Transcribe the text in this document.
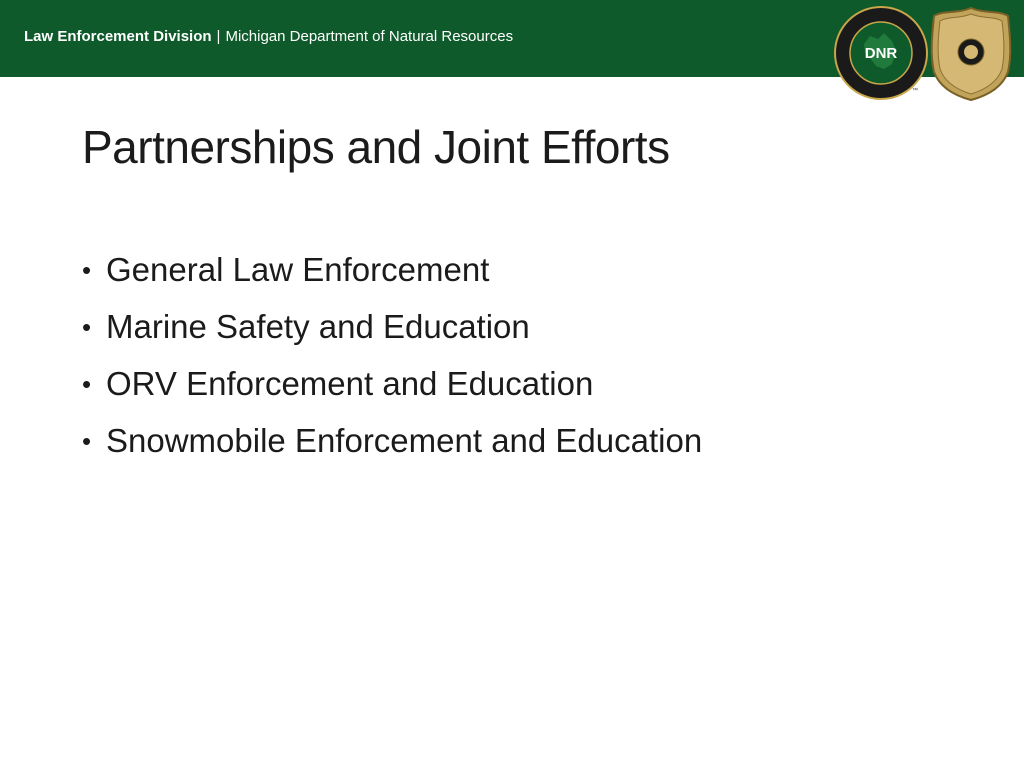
Law Enforcement Division | Michigan Department of Natural Resources
DNR
™
Partnerships and Joint Efforts
• General Law Enforcement
• Marine Safety and Education
• ORV Enforcement and Education
• Snowmobile Enforcement and Education
